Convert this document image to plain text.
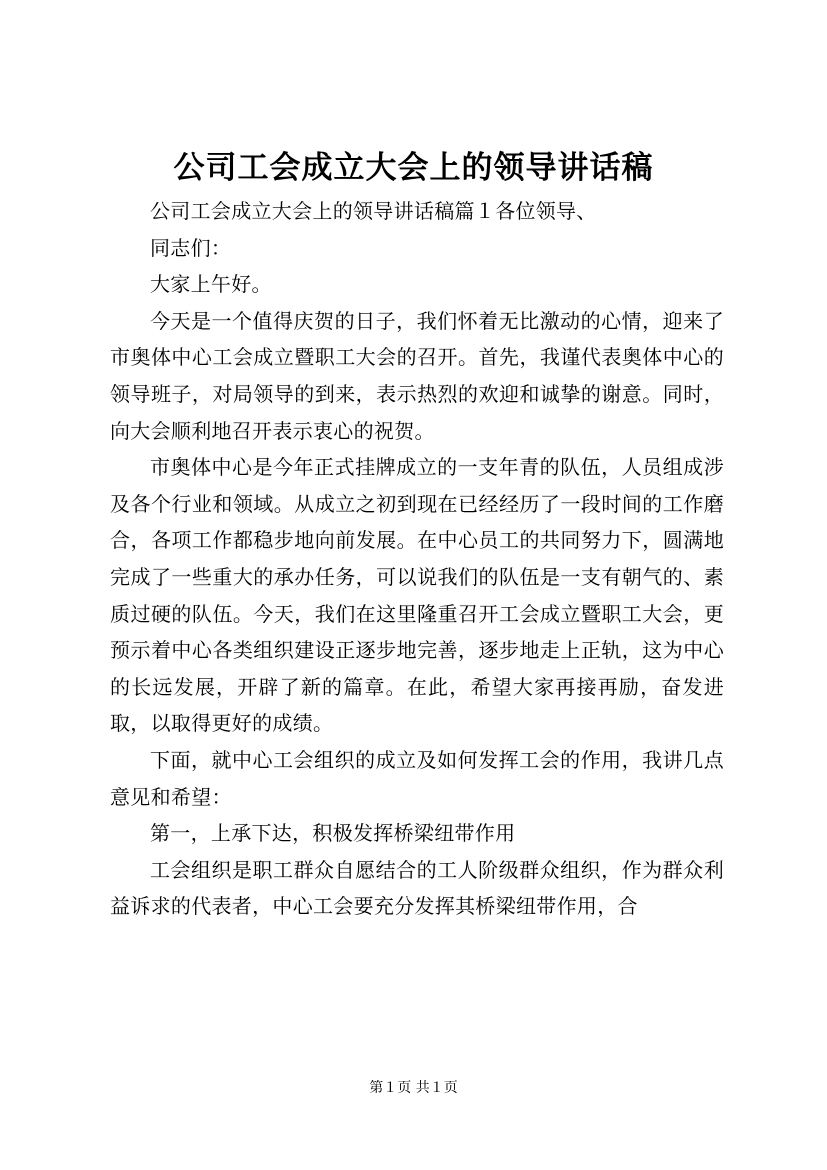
公司工会成立大会上的领导讲话稿

公司工会成立大会上的领导讲话稿篇１各位领导、

同志们：

大家上午好。

今天是一个值得庆贺的日子，我们怀着无比激动的心情，迎来了市奥体中心工会成立暨职工大会的召开。首先，我谨代表奥体中心的领导班子，对局领导的到来，表示热烈的欢迎和诚挚的谢意。同时，向大会顺利地召开表示衷心的祝贺。

市奥体中心是今年正式挂牌成立的一支年青的队伍，人员组成涉及各个行业和领域。从成立之初到现在已经经历了一段时间的工作磨合，各项工作都稳步地向前发展。在中心员工的共同努力下，圆满地完成了一些重大的承办任务，可以说我们的队伍是一支有朝气的、素质过硬的队伍。今天，我们在这里隆重召开工会成立暨职工大会，更预示着中心各类组织建设正逐步地完善，逐步地走上正轨，这为中心的长远发展，开辟了新的篇章。在此，希望大家再接再励，奋发进取，以取得更好的成绩。

下面，就中心工会组织的成立及如何发挥工会的作用，我讲几点意见和希望：

第一，上承下达，积极发挥桥梁纽带作用

工会组织是职工群众自愿结合的工人阶级群众组织，作为群众利益诉求的代表者，中心工会要充分发挥其桥梁纽带作用，合

第１页 共１页
